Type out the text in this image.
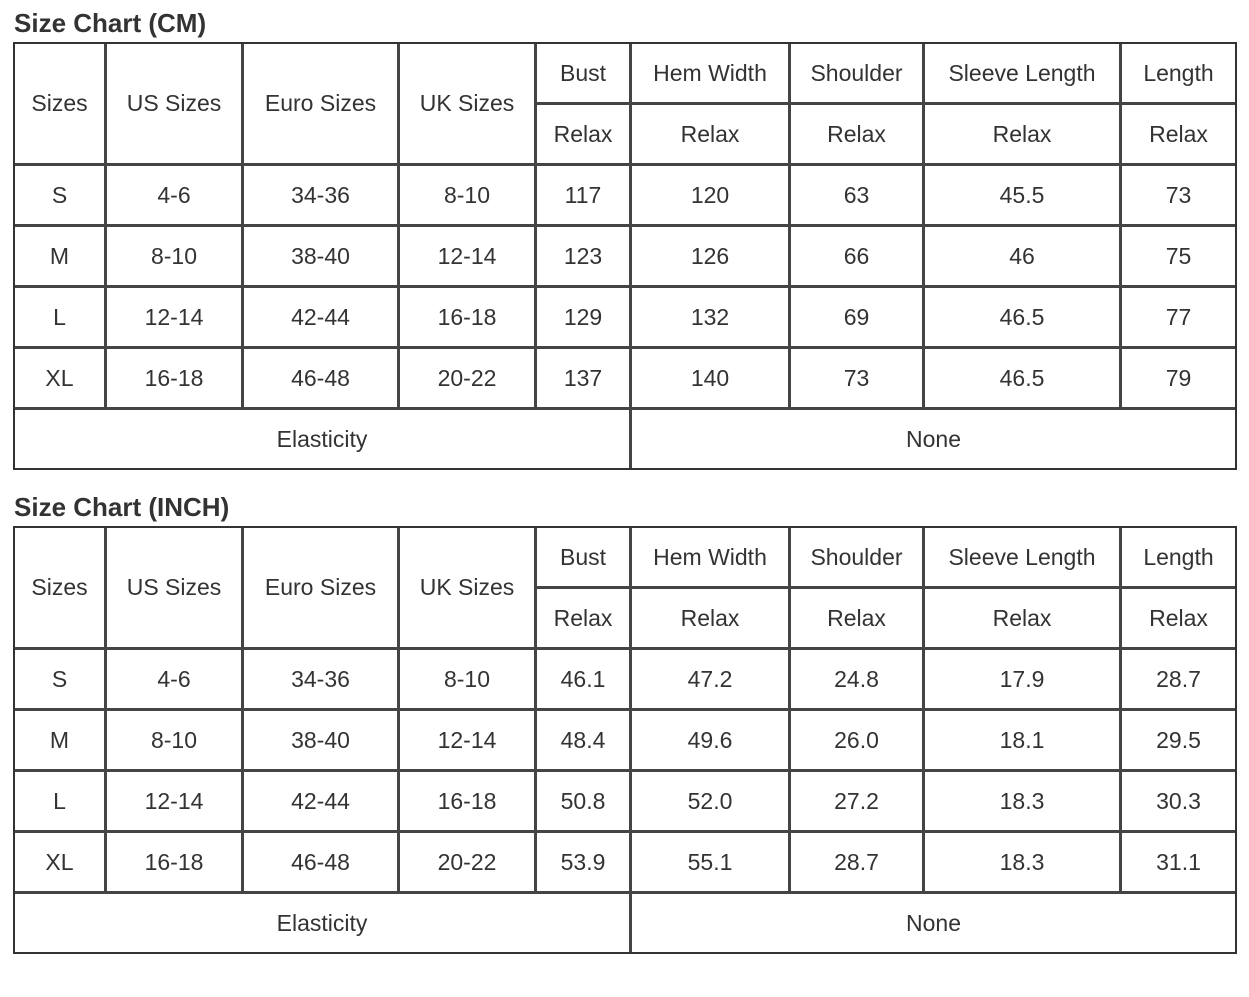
Size Chart (CM)
Sizes	US Sizes	Euro Sizes	UK Sizes	Bust	Hem Width	Shoulder	Sleeve Length	Length
				Relax	Relax	Relax	Relax	Relax
S	4-6	34-36	8-10	117	120	63	45.5	73
M	8-10	38-40	12-14	123	126	66	46	75
L	12-14	42-44	16-18	129	132	69	46.5	77
XL	16-18	46-48	20-22	137	140	73	46.5	79
Elasticity					None			
Size Chart (INCH)
Sizes	US Sizes	Euro Sizes	UK Sizes	Bust	Hem Width	Shoulder	Sleeve Length	Length
				Relax	Relax	Relax	Relax	Relax
S	4-6	34-36	8-10	46.1	47.2	24.8	17.9	28.7
M	8-10	38-40	12-14	48.4	49.6	26.0	18.1	29.5
L	12-14	42-44	16-18	50.8	52.0	27.2	18.3	30.3
XL	16-18	46-48	20-22	53.9	55.1	28.7	18.3	31.1
Elasticity					None			
